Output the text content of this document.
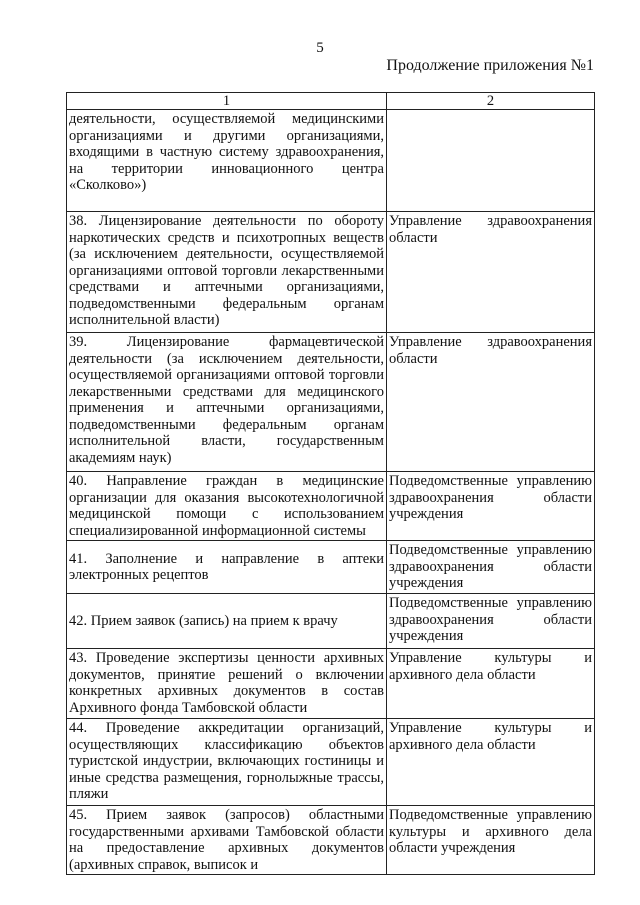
5
Продолжение приложения №1
1	2
деятельности, осуществляемой медицинскими организациями и другими организациями, входящими в частную систему здравоохранения, на территории инновационного центра «Сколково»)	
38. Лицензирование деятельности по обороту наркотических средств и психотропных веществ (за исключением деятельности, осуществляемой организациями оптовой торговли лекарственными средствами и аптечными организациями, подведомственными федеральным органам исполнительной власти)	Управление здравоохранения области
39. Лицензирование фармацевтической деятельности (за исключением деятельности, осуществляемой организациями оптовой торговли лекарственными средствами для медицинского применения и аптечными организациями, подведомственными федеральным органам исполнительной власти, государственным академиям наук)	Управление здравоохранения области
40. Направление граждан в медицинские организации для оказания высокотехнологичной медицинской помощи с использованием специализированной информационной системы	Подведомственные управлению здравоохранения области учреждения
41. Заполнение и направление в аптеки электронных рецептов	Подведомственные управлению здравоохранения области учреждения
42. Прием заявок (запись) на прием к врачу	Подведомственные управлению здравоохранения области учреждения
43. Проведение экспертизы ценности архивных документов, принятие решений о включении конкретных архивных документов в состав Архивного фонда Тамбовской области	Управление культуры и архивного дела области
44. Проведение аккредитации организаций, осуществляющих классификацию объектов туристской индустрии, включающих гостиницы и иные средства размещения, горнолыжные трассы, пляжи	Управление культуры и архивного дела области
45. Прием заявок (запросов) областными государственными архивами Тамбовской области на предоставление архивных документов (архивных справок, выписок и	Подведомственные управлению культуры и архивного дела области учреждения
